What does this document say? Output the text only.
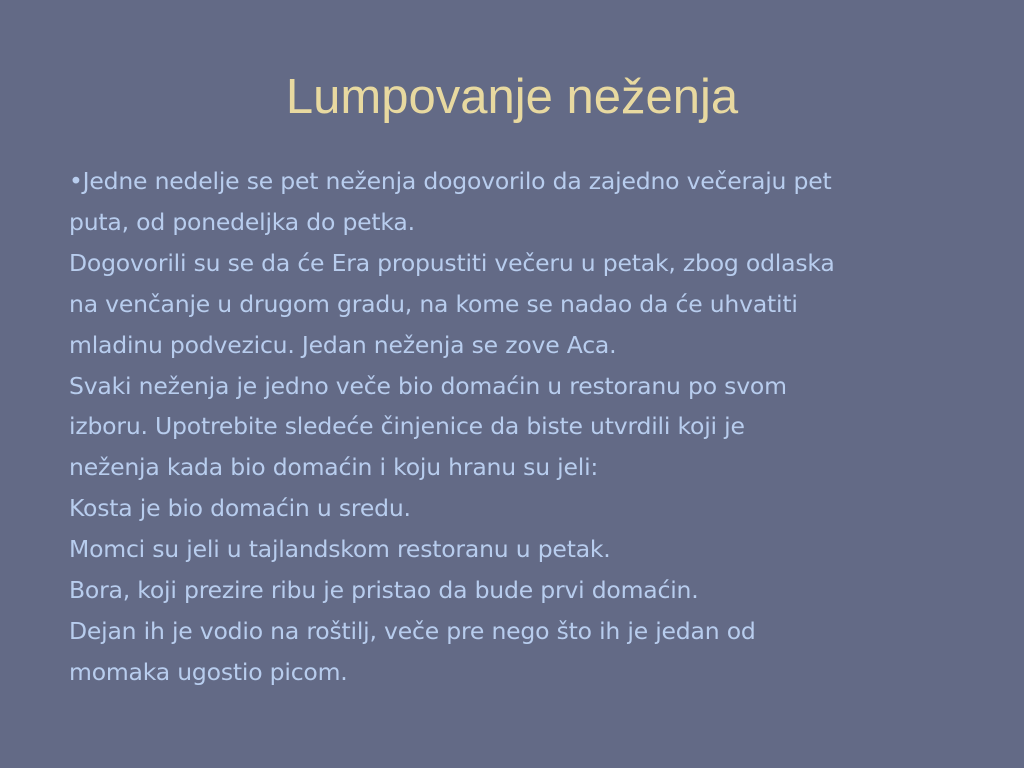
Lumpovanje neženja
•Jedne nedelje se pet neženja dogovorilo da zajedno večeraju pet
puta, od ponedeljka do petka.
Dogovorili su se da će Era propustiti večeru u petak, zbog odlaska
na venčanje u drugom gradu, na kome se nadao da će uhvatiti
mladinu podvezicu. Jedan neženja se zove Aca.
Svaki neženja je jedno veče bio domaćin u restoranu po svom
izboru. Upotrebite sledeće činjenice da biste utvrdili koji je
neženja kada bio domaćin i koju hranu su jeli:
Kosta je bio domaćin u sredu.
Momci su jeli u tajlandskom restoranu u petak.
Bora, koji prezire ribu je pristao da bude prvi domaćin.
Dejan ih je vodio na roštilj, veče pre nego što ih je jedan od
momaka ugostio picom.
